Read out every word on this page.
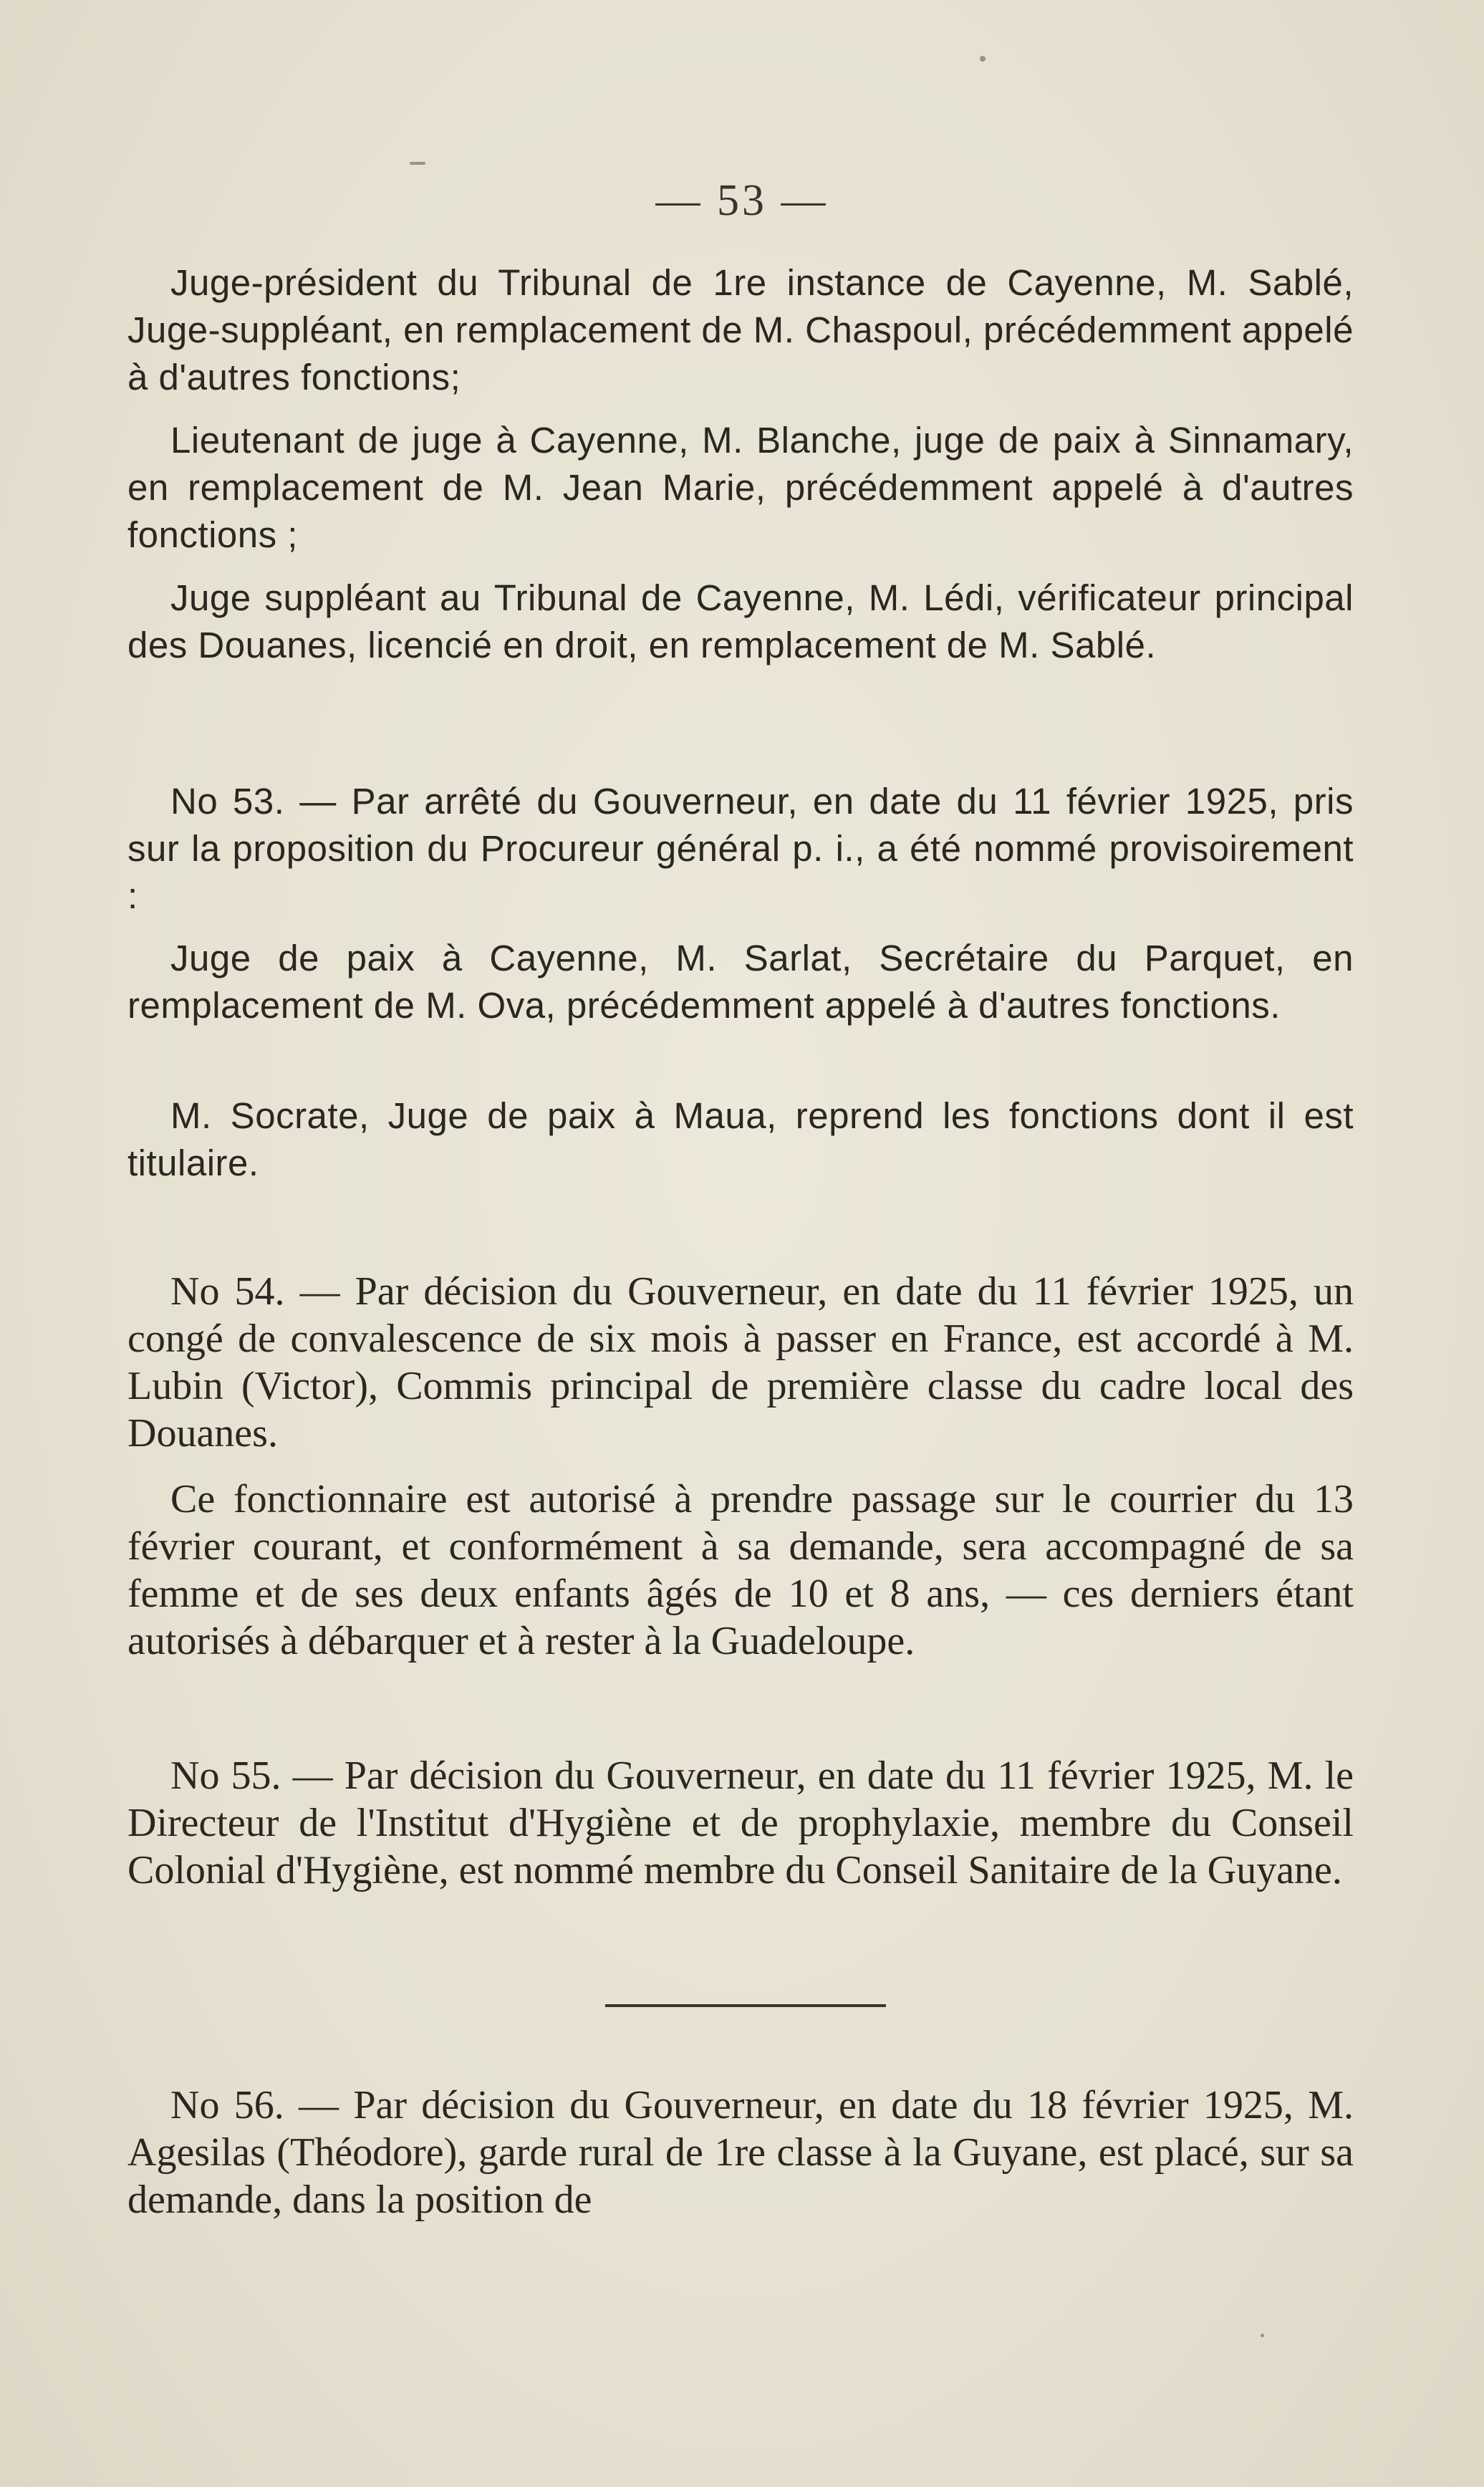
— 53 —
Juge-président du Tribunal de 1re instance de Cayenne, M. Sablé, Juge-suppléant, en remplacement de M. Chaspoul, précédemment appelé à d'autres fonctions;
Lieutenant de juge à Cayenne, M. Blanche, juge de paix à Sinnamary, en remplacement de M. Jean Marie, précédemment appelé à d'autres fonctions ;
Juge suppléant au Tribunal de Cayenne, M. Lédi, vérificateur principal des Douanes, licencié en droit, en remplacement de M. Sablé.
No 53. — Par arrêté du Gouverneur, en date du 11 février 1925, pris sur la proposition du Procureur général p. i., a été nommé provisoirement :
Juge de paix à Cayenne, M. Sarlat, Secrétaire du Parquet, en remplacement de M. Ova, précédemment appelé à d'autres fonctions.
M. Socrate, Juge de paix à Maua, reprend les fonctions dont il est titulaire.
No 54. — Par décision du Gouverneur, en date du 11 février 1925, un congé de convalescence de six mois à passer en France, est accordé à M. Lubin (Victor), Commis principal de première classe du cadre local des Douanes.
Ce fonctionnaire est autorisé à prendre passage sur le courrier du 13 février courant, et conformément à sa demande, sera accompagné de sa femme et de ses deux enfants âgés de 10 et 8 ans, — ces derniers étant autorisés à débarquer et à rester à la Guadeloupe.
No 55. — Par décision du Gouverneur, en date du 11 février 1925, M. le Directeur de l'Institut d'Hygiène et de prophylaxie, membre du Conseil Colonial d'Hygiène, est nommé membre du Conseil Sanitaire de la Guyane.
No 56. — Par décision du Gouverneur, en date du 18 février 1925, M. Agesilas (Théodore), garde rural de 1re classe à la Guyane, est placé, sur sa demande, dans la position de
